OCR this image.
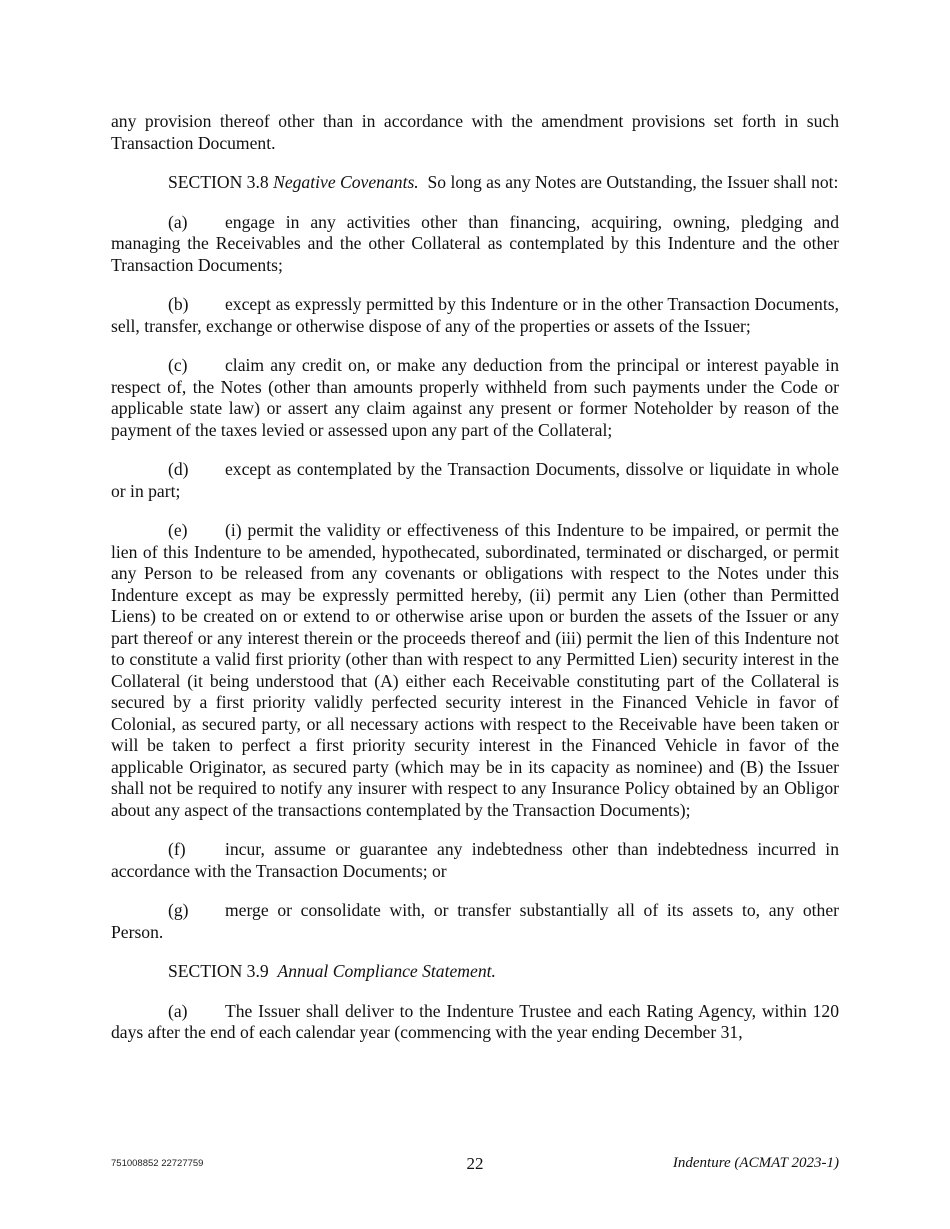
any provision thereof other than in accordance with the amendment provisions set forth in such Transaction Document.

SECTION 3.8 Negative Covenants. So long as any Notes are Outstanding, the Issuer shall not:

(a) engage in any activities other than financing, acquiring, owning, pledging and managing the Receivables and the other Collateral as contemplated by this Indenture and the other Transaction Documents;

(b) except as expressly permitted by this Indenture or in the other Transaction Documents, sell, transfer, exchange or otherwise dispose of any of the properties or assets of the Issuer;

(c) claim any credit on, or make any deduction from the principal or interest payable in respect of, the Notes (other than amounts properly withheld from such payments under the Code or applicable state law) or assert any claim against any present or former Noteholder by reason of the payment of the taxes levied or assessed upon any part of the Collateral;

(d) except as contemplated by the Transaction Documents, dissolve or liquidate in whole or in part;

(e) (i) permit the validity or effectiveness of this Indenture to be impaired, or permit the lien of this Indenture to be amended, hypothecated, subordinated, terminated or discharged, or permit any Person to be released from any covenants or obligations with respect to the Notes under this Indenture except as may be expressly permitted hereby, (ii) permit any Lien (other than Permitted Liens) to be created on or extend to or otherwise arise upon or burden the assets of the Issuer or any part thereof or any interest therein or the proceeds thereof and (iii) permit the lien of this Indenture not to constitute a valid first priority (other than with respect to any Permitted Lien) security interest in the Collateral (it being understood that (A) either each Receivable constituting part of the Collateral is secured by a first priority validly perfected security interest in the Financed Vehicle in favor of Colonial, as secured party, or all necessary actions with respect to the Receivable have been taken or will be taken to perfect a first priority security interest in the Financed Vehicle in favor of the applicable Originator, as secured party (which may be in its capacity as nominee) and (B) the Issuer shall not be required to notify any insurer with respect to any Insurance Policy obtained by an Obligor about any aspect of the transactions contemplated by the Transaction Documents);

(f) incur, assume or guarantee any indebtedness other than indebtedness incurred in accordance with the Transaction Documents; or

(g) merge or consolidate with, or transfer substantially all of its assets to, any other Person.

SECTION 3.9 Annual Compliance Statement.

(a) The Issuer shall deliver to the Indenture Trustee and each Rating Agency, within 120 days after the end of each calendar year (commencing with the year ending December 31,

751008852 22727759	22	Indenture (ACMAT 2023-1)
